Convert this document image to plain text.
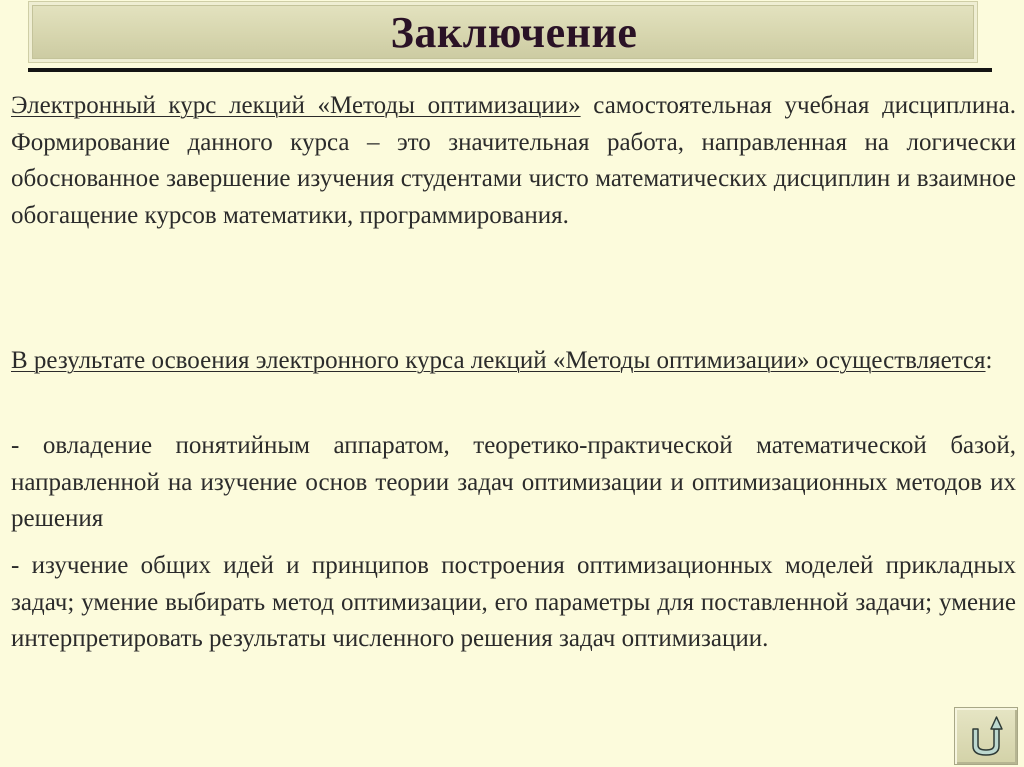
Заключение

Электронный курс лекций «Методы оптимизации» самостоятельная учебная дисциплина. Формирование данного курса – это значительная работа, направленная на логически обоснованное завершение изучения студентами чисто математических дисциплин и взаимное обогащение курсов математики, программирования.

В результате освоения электронного курса лекций «Методы оптимизации» осуществляется:

- овладение понятийным аппаратом, теоретико-практической математической базой, направленной на изучение основ теории задач оптимизации и оптимизационных методов их решения

- изучение общих идей и принципов построения оптимизационных моделей прикладных задач; умение выбирать метод оптимизации, его параметры для поставленной задачи; умение интерпретировать результаты численного решения задач оптимизации.
